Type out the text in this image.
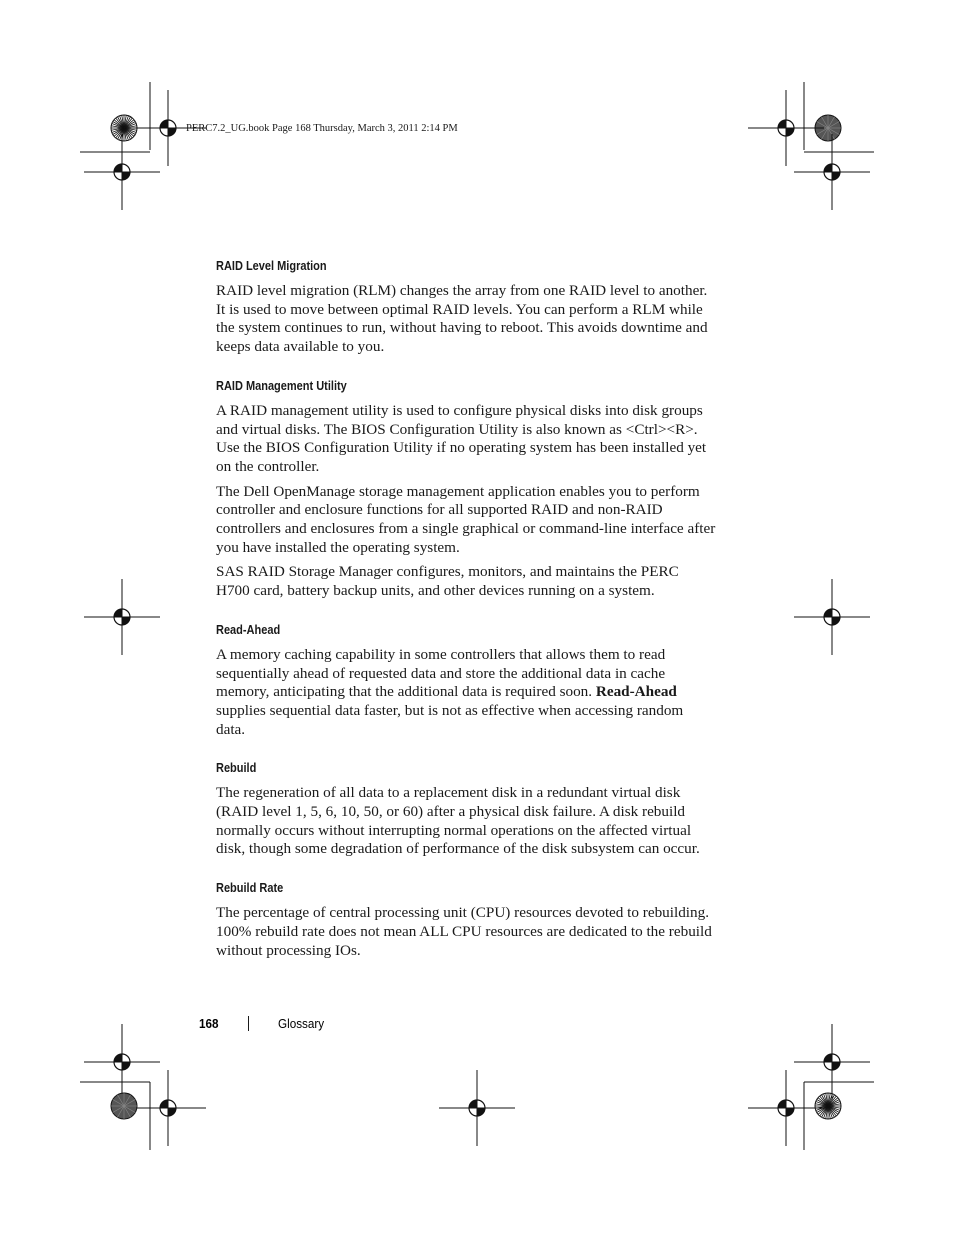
PERC7.2_UG.book Page 168 Thursday, March 3, 2011 2:14 PM
RAID Level Migration

RAID level migration (RLM) changes the array from one RAID level to another. It is used to move between optimal RAID levels. You can perform a RLM while the system continues to run, without having to reboot. This avoids downtime and keeps data available to you.

RAID Management Utility

A RAID management utility is used to configure physical disks into disk groups and virtual disks. The BIOS Configuration Utility is also known as <Ctrl><R>. Use the BIOS Configuration Utility if no operating system has been installed yet on the controller.

The Dell OpenManage storage management application enables you to perform controller and enclosure functions for all supported RAID and non-RAID controllers and enclosures from a single graphical or command-line interface after you have installed the operating system.

SAS RAID Storage Manager configures, monitors, and maintains the PERC H700 card, battery backup units, and other devices running on a system.

Read-Ahead

A memory caching capability in some controllers that allows them to read sequentially ahead of requested data and store the additional data in cache memory, anticipating that the additional data is required soon. Read-Ahead supplies sequential data faster, but is not as effective when accessing random data.

Rebuild

The regeneration of all data to a replacement disk in a redundant virtual disk (RAID level 1, 5, 6, 10, 50, or 60) after a physical disk failure. A disk rebuild normally occurs without interrupting normal operations on the affected virtual disk, though some degradation of performance of the disk subsystem can occur.

Rebuild Rate

The percentage of central processing unit (CPU) resources devoted to rebuilding. 100% rebuild rate does not mean ALL CPU resources are dedicated to the rebuild without processing IOs.

168	Glossary
